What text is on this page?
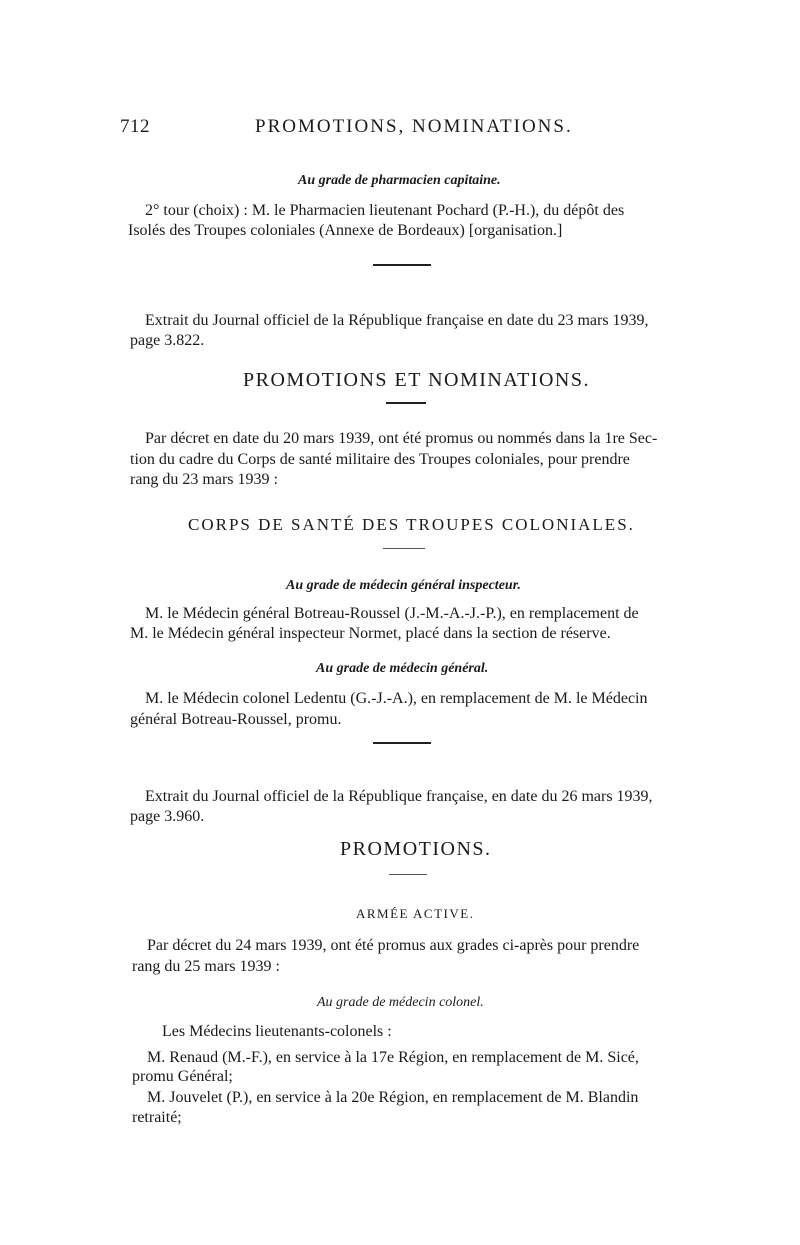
712	PROMOTIONS, NOMINATIONS.
Au grade de pharmacien capitaine.
2° tour (choix) : M. le Pharmacien lieutenant Pochard (P.-H.), du dépôt des
Isolés des Troupes coloniales (Annexe de Bordeaux) [organisation.]
Extrait du Journal officiel de la République française en date du 23 mars 1939,
page 3.822.
PROMOTIONS ET NOMINATIONS.
Par décret en date du 20 mars 1939, ont été promus ou nommés dans la 1re Sec-
tion du cadre du Corps de santé militaire des Troupes coloniales, pour prendre
rang du 23 mars 1939 :
CORPS DE SANTÉ DES TROUPES COLONIALES.
Au grade de médecin général inspecteur.
M. le Médecin général Botreau-Roussel (J.-M.-A.-J.-P.), en remplacement de
M. le Médecin général inspecteur Normet, placé dans la section de réserve.
Au grade de médecin général.
M. le Médecin colonel Ledentu (G.-J.-A.), en remplacement de M. le Médecin
général Botreau-Roussel, promu.
Extrait du Journal officiel de la République française, en date du 26 mars 1939,
page 3.960.
PROMOTIONS.
ARMÉE ACTIVE.
Par décret du 24 mars 1939, ont été promus aux grades ci-après pour prendre
rang du 25 mars 1939 :
Au grade de médecin colonel.
Les Médecins lieutenants-colonels :
M. Renaud (M.-F.), en service à la 17e Région, en remplacement de M. Sicé,
promu Général;
M. Jouvelet (P.), en service à la 20e Région, en remplacement de M. Blandin
retraité;
